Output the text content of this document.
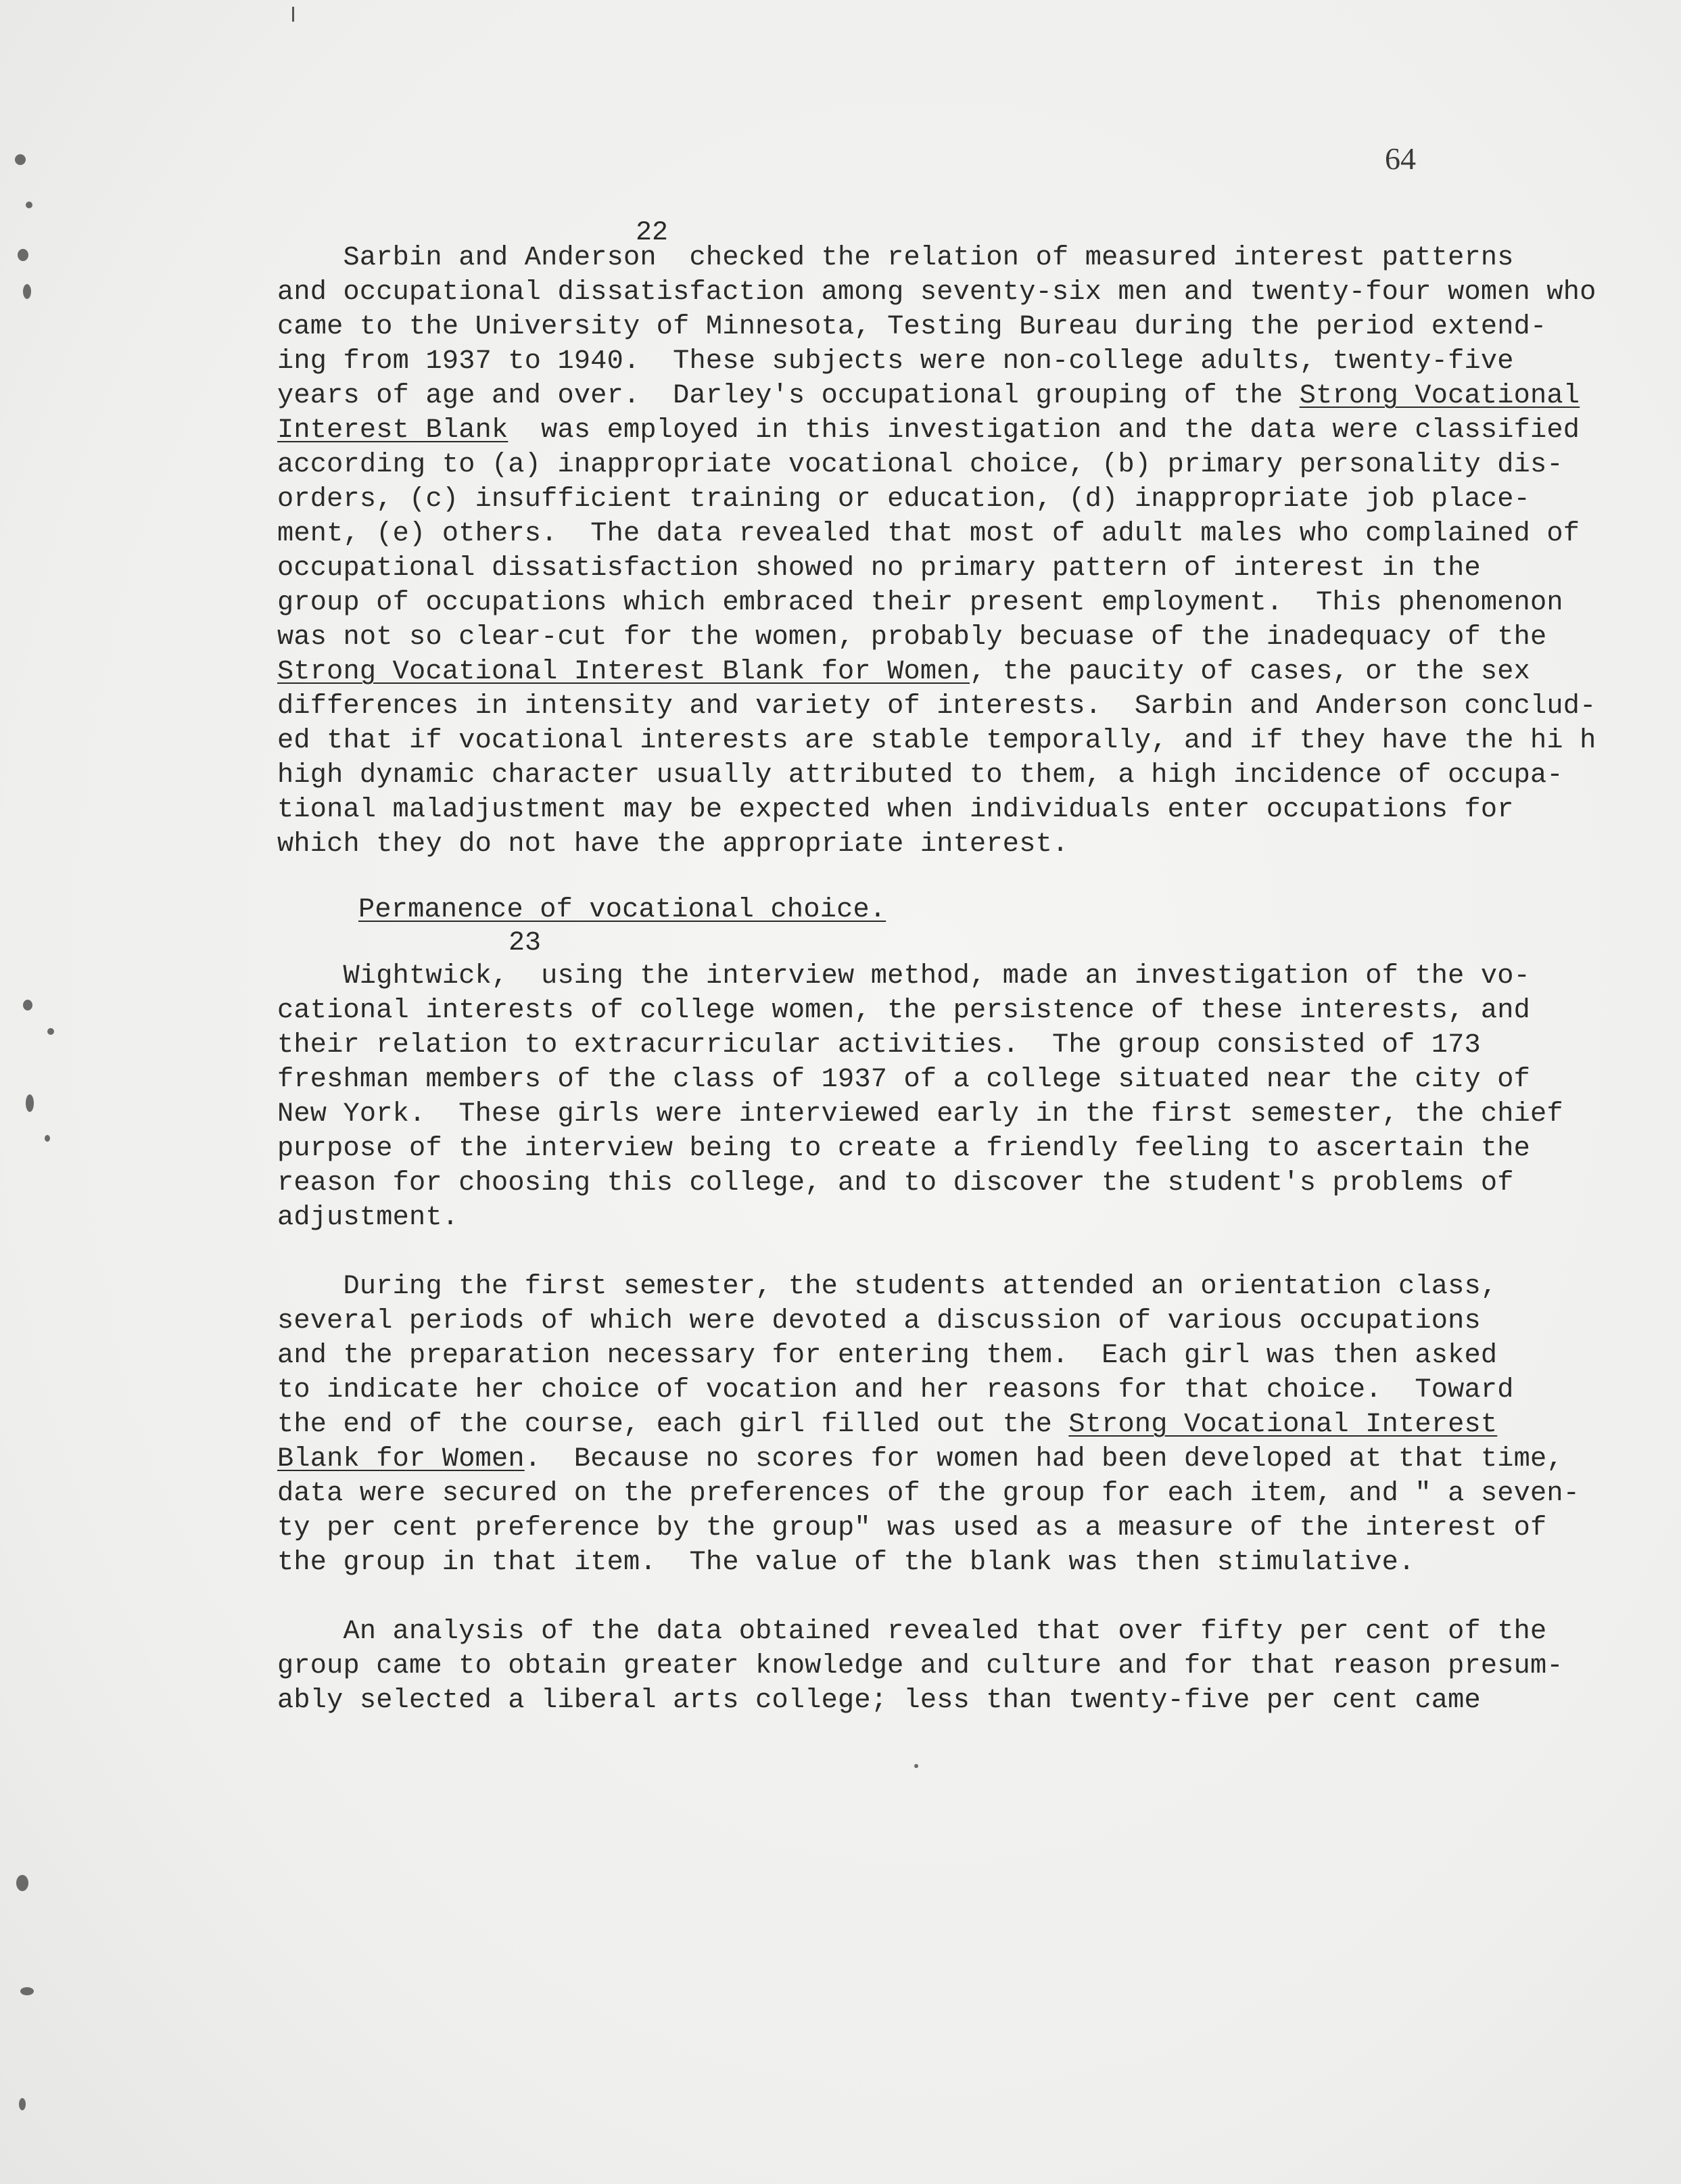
64
22
Sarbin and Anderson  checked the relation of measured interest patterns
and occupational dissatisfaction among seventy-six men and twenty-four women who
came to the University of Minnesota, Testing Bureau during the period extend-
ing from 1937 to 1940.  These subjects were non-college adults, twenty-five
years of age and over.  Darley's occupational grouping of the Strong Vocational
Interest Blank  was employed in this investigation and the data were classified
according to (a) inappropriate vocational choice, (b) primary personality dis-
orders, (c) insufficient training or education, (d) inappropriate job place-
ment, (e) others.  The data revealed that most of adult males who complained of
occupational dissatisfaction showed no primary pattern of interest in the
group of occupations which embraced their present employment.  This phenomenon
was not so clear-cut for the women, probably becuase of the inadequacy of the
Strong Vocational Interest Blank for Women, the paucity of cases, or the sex
differences in intensity and variety of interests.  Sarbin and Anderson conclud-
ed that if vocational interests are stable temporally, and if they have the hi h
high dynamic character usually attributed to them, a high incidence of occupa-
tional maladjustment may be expected when individuals enter occupations for
which they do not have the appropriate interest.
Permanence of vocational choice.
23
Wightwick,  using the interview method, made an investigation of the vo-
cational interests of college women, the persistence of these interests, and
their relation to extracurricular activities.  The group consisted of 173
freshman members of the class of 1937 of a college situated near the city of
New York.  These girls were interviewed early in the first semester, the chief
purpose of the interview being to create a friendly feeling to ascertain the
reason for choosing this college, and to discover the student's problems of
adjustment.
During the first semester, the students attended an orientation class,
several periods of which were devoted a discussion of various occupations
and the preparation necessary for entering them.  Each girl was then asked
to indicate her choice of vocation and her reasons for that choice.  Toward
the end of the course, each girl filled out the Strong Vocational Interest
Blank for Women.  Because no scores for women had been developed at that time,
data were secured on the preferences of the group for each item, and " a seven-
ty per cent preference by the group" was used as a measure of the interest of
the group in that item.  The value of the blank was then stimulative.
An analysis of the data obtained revealed that over fifty per cent of the
group came to obtain greater knowledge and culture and for that reason presum-
ably selected a liberal arts college; less than twenty-five per cent came
